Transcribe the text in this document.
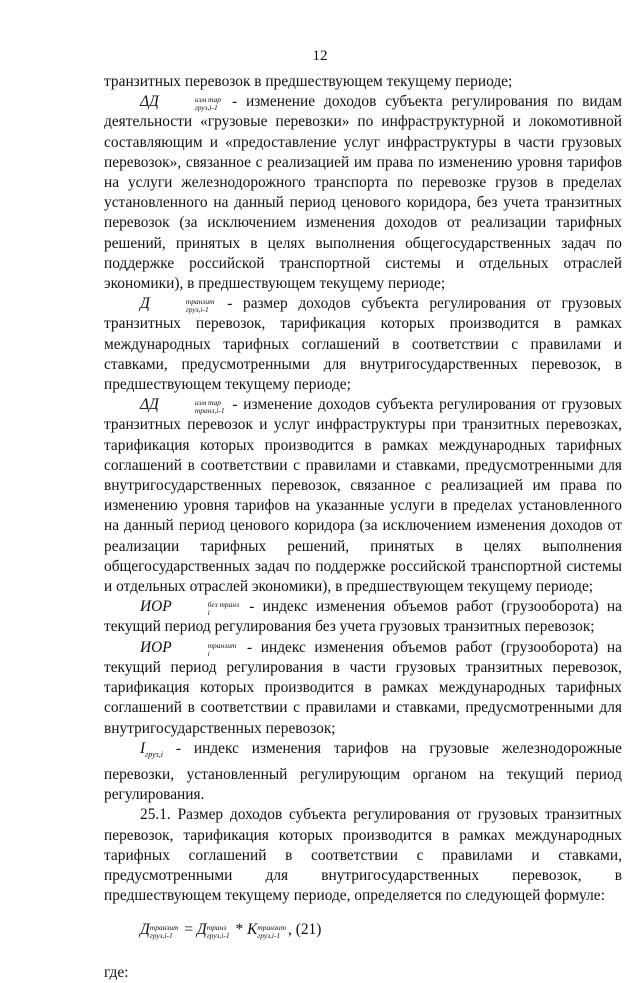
12

транзитных перевозок в предшествующем текущему периоде;

ΔД	изм тар
груз,i-1 - изменение доходов субъекта регулирования по видам деятельности «грузовые перевозки» по инфраструктурной и локомотивной составляющим и «предоставление услуг инфраструктуры в части грузовых перевозок», связанное с реализацией им права по изменению уровня тарифов на услуги железнодорожного транспорта по перевозке грузов в пределах установленного на данный период ценового коридора, без учета транзитных перевозок (за исключением изменения доходов от реализации тарифных решений, принятых в целях выполнения общегосударственных задач по поддержке российской транспортной системы и отдельных отраслей экономики), в предшествующем текущему периоде;

Д	транзит
груз,i-1 - размер доходов субъекта регулирования от грузовых транзитных перевозок, тарификация которых производится в рамках международных тарифных соглашений в соответствии с правилами и ставками, предусмотренными для внутригосударственных перевозок, в предшествующем текущему периоде;

ΔД	изм тар
транз,i-1 - изменение доходов субъекта регулирования от грузовых транзитных перевозок и услуг инфраструктуры при транзитных перевозках, тарификация которых производится в рамках международных тарифных соглашений в соответствии с правилами и ставками, предусмотренными для внутригосударственных перевозок, связанное с реализацией им права по изменению уровня тарифов на указанные услуги в пределах установленного на данный период ценового коридора (за исключением изменения доходов от реализации тарифных решений, принятых в целях выполнения общегосударственных задач по поддержке российской транспортной системы и отдельных отраслей экономики), в предшествующем текущему периоде;

ИОР	без транз
i	- индекс изменения объемов работ (грузооборота) на текущий период регулирования без учета грузовых транзитных перевозок;

ИОР	транзит
i	- индекс изменения объемов работ (грузооборота) на текущий период регулирования в части грузовых транзитных перевозок, тарификация которых производится в рамках международных тарифных соглашений в соответствии с правилами и ставками, предусмотренными для внутригосударственных перевозок;

$I_{груз,i}$ - индекс изменения тарифов на грузовые железнодорожные перевозки, установленный регулирующим органом на текущий период регулирования.

25.1. Размер доходов субъекта регулирования от грузовых транзитных перевозок, тарификация которых производится в рамках международных тарифных соглашений в соответствии с правилами и ставками, предусмотренными для внутригосударственных перевозок, в предшествующем текущему периоде, определяется по следующей формуле:

Д транзит
груз,i-1 = Д транз
груз,i-1 * К транзит
груз,i-1 , (21)

где:
